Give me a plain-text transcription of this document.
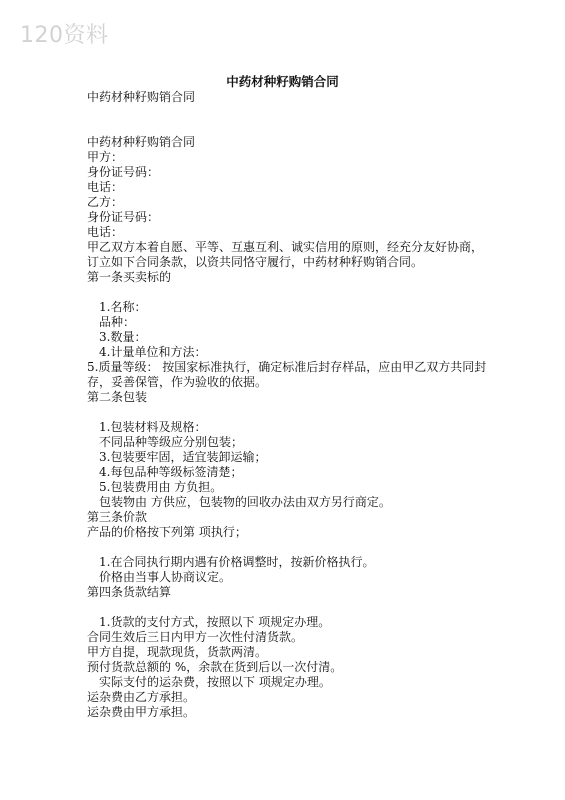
120资料
中药材种籽购销合同
中药材种籽购销合同
中药材种籽购销合同
甲方：
身份证号码：
电话：
乙方：
身份证号码：
电话：
甲乙双方本着自愿、平等、互惠互利、诚实信用的原则，经充分友好协商，订立如下合同条款，以资共同恪守履行，中药材种籽购销合同。
第一条买卖标的
1.名称：
品种：
3.数量：
4.计量单位和方法：
5.质量等级： 按国家标准执行，确定标准后封存样品，应由甲乙双方共同封存，妥善保管，作为验收的依据。
第二条包装
1.包装材料及规格：
不同品种等级应分别包装；
3.包装要牢固，适宜装卸运输；
4.每包品种等级标签清楚；
5.包装费用由 方负担。
包装物由 方供应，包装物的回收办法由双方另行商定。
第三条价款
产品的价格按下列第 项执行；
1.在合同执行期内遇有价格调整时，按新价格执行。
价格由当事人协商议定。
第四条货款结算
1.货款的支付方式，按照以下 项规定办理。
合同生效后三日内甲方一次性付清货款。
甲方自提，现款现货，货款两清。
预付货款总额的 %，余款在货到后以一次付清。
实际支付的运杂费，按照以下 项规定办理。
运杂费由乙方承担。
运杂费由甲方承担。
